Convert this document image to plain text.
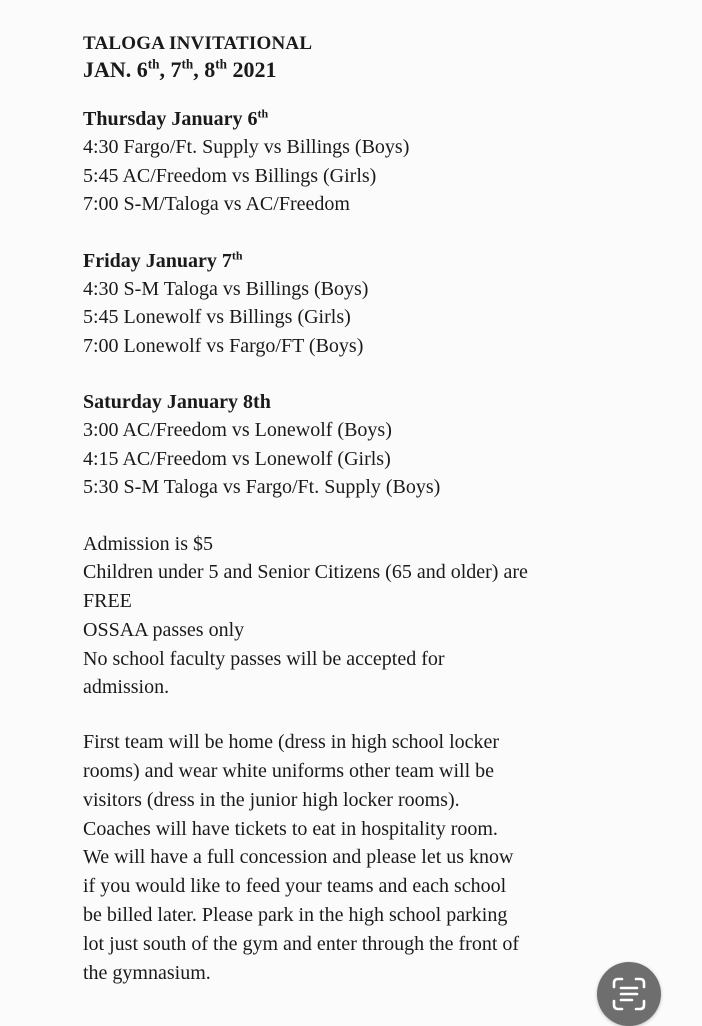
TALOGA INVITATIONAL

JAN. 6th, 7th, 8th 2021

Thursday January 6th

4:30 Fargo/Ft. Supply vs Billings (Boys)

5:45 AC/Freedom vs Billings (Girls)

7:00 S-M/Taloga vs AC/Freedom

Friday January 7th

4:30 S-M Taloga vs Billings (Boys)

5:45 Lonewolf vs Billings (Girls)

7:00 Lonewolf vs Fargo/FT (Boys)

Saturday January 8th

3:00 AC/Freedom vs Lonewolf (Boys)

4:15 AC/Freedom vs Lonewolf (Girls)

5:30 S-M Taloga vs Fargo/Ft. Supply (Boys)

Admission is $5
Children under 5 and Senior Citizens (65 and older) are
FREE
OSSAA passes only
No school faculty passes will be accepted for
admission.

First team will be home (dress in high school locker
rooms) and wear white uniforms other team will be
visitors (dress in the junior high locker rooms).
Coaches will have tickets to eat in hospitality room.
We will have a full concession and please let us know
if you would like to feed your teams and each school
be billed later. Please park in the high school parking
lot just south of the gym and enter through the front of
the gymnasium.
